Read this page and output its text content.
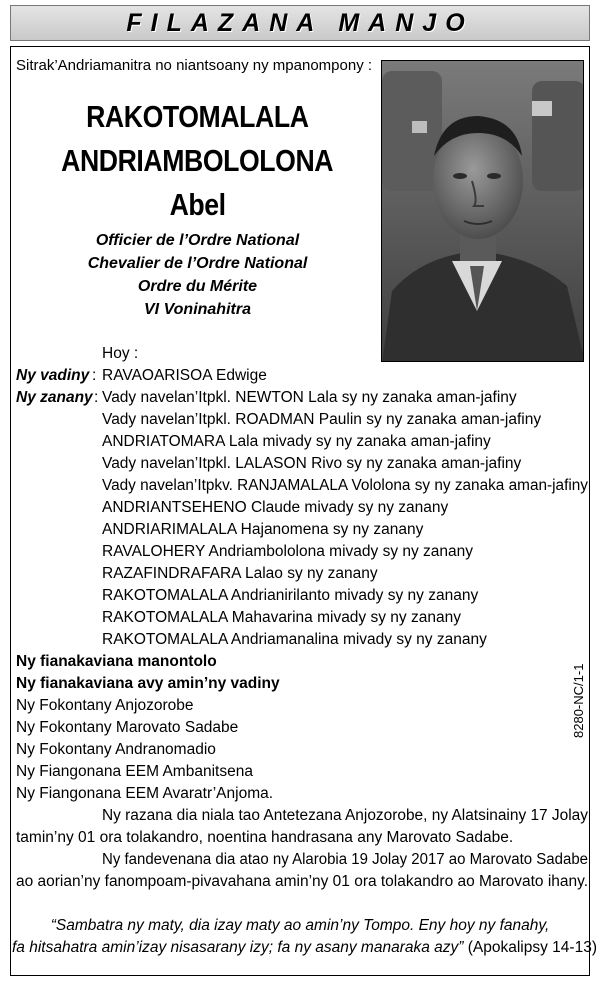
FILAZANA MANJO
Sitrak’Andriamanitra no niantsoany ny mpanompony :
RAKOTOMALALA
ANDRIAMBOLOLONA
Abel
Officier de l’Ordre National
Chevalier de l’Ordre National
Ordre du Mérite
VI Voninahitra
Hoy :
Ny vadiny : RAVAOARISOA Edwige
Ny zanany : Vady navelan’Itpkl. NEWTON Lala sy ny zanaka aman-jafiny
Vady navelan’Itpkl. ROADMAN Paulin sy ny zanaka aman-jafiny
ANDRIATOMARA Lala mivady sy ny zanaka aman-jafiny
Vady navelan’Itpkl. LALASON Rivo sy ny zanaka aman-jafiny
Vady navelan’Itpkv. RANJAMALALA Vololona sy ny zanaka aman-jafiny
ANDRIANTSEHENO Claude mivady sy ny zanany
ANDRIARIMALALA Hajanomena sy ny zanany
RAVALOHERY Andriambololona mivady sy ny zanany
RAZAFINDRAFARA Lalao sy ny zanany
RAKOTOMALALA Andrianirilanto mivady sy ny zanany
RAKOTOMALALA Mahavarina mivady sy ny zanany
RAKOTOMALALA Andriamanalina mivady sy ny zanany
Ny fianakaviana manontolo
Ny fianakaviana avy amin’ny vadiny
Ny Fokontany Anjozorobe
Ny Fokontany Marovato Sadabe
Ny Fokontany Andranomadio
Ny Fiangonana EEM Ambanitsena
Ny Fiangonana EEM Avaratr’Anjoma.
Ny razana dia niala tao Antetezana Anjozorobe, ny Alatsinainy 17 Jolay
tamin’ny 01 ora tolakandro, noentina handrasana any Marovato Sadabe.
Ny fandevenana dia atao ny Alarobia 19 Jolay 2017 ao Marovato Sadabe
ao aorian’ny fanompoam-pivavahana amin’ny 01 ora tolakandro ao Marovato ihany.
“Sambatra ny maty, dia izay maty ao amin’ny Tompo. Eny hoy ny fanahy,
fa hitsahatra amin’izay nisasarany izy; fa ny asany manaraka azy” (Apokalipsy 14-13)
8280-NC/1-1
